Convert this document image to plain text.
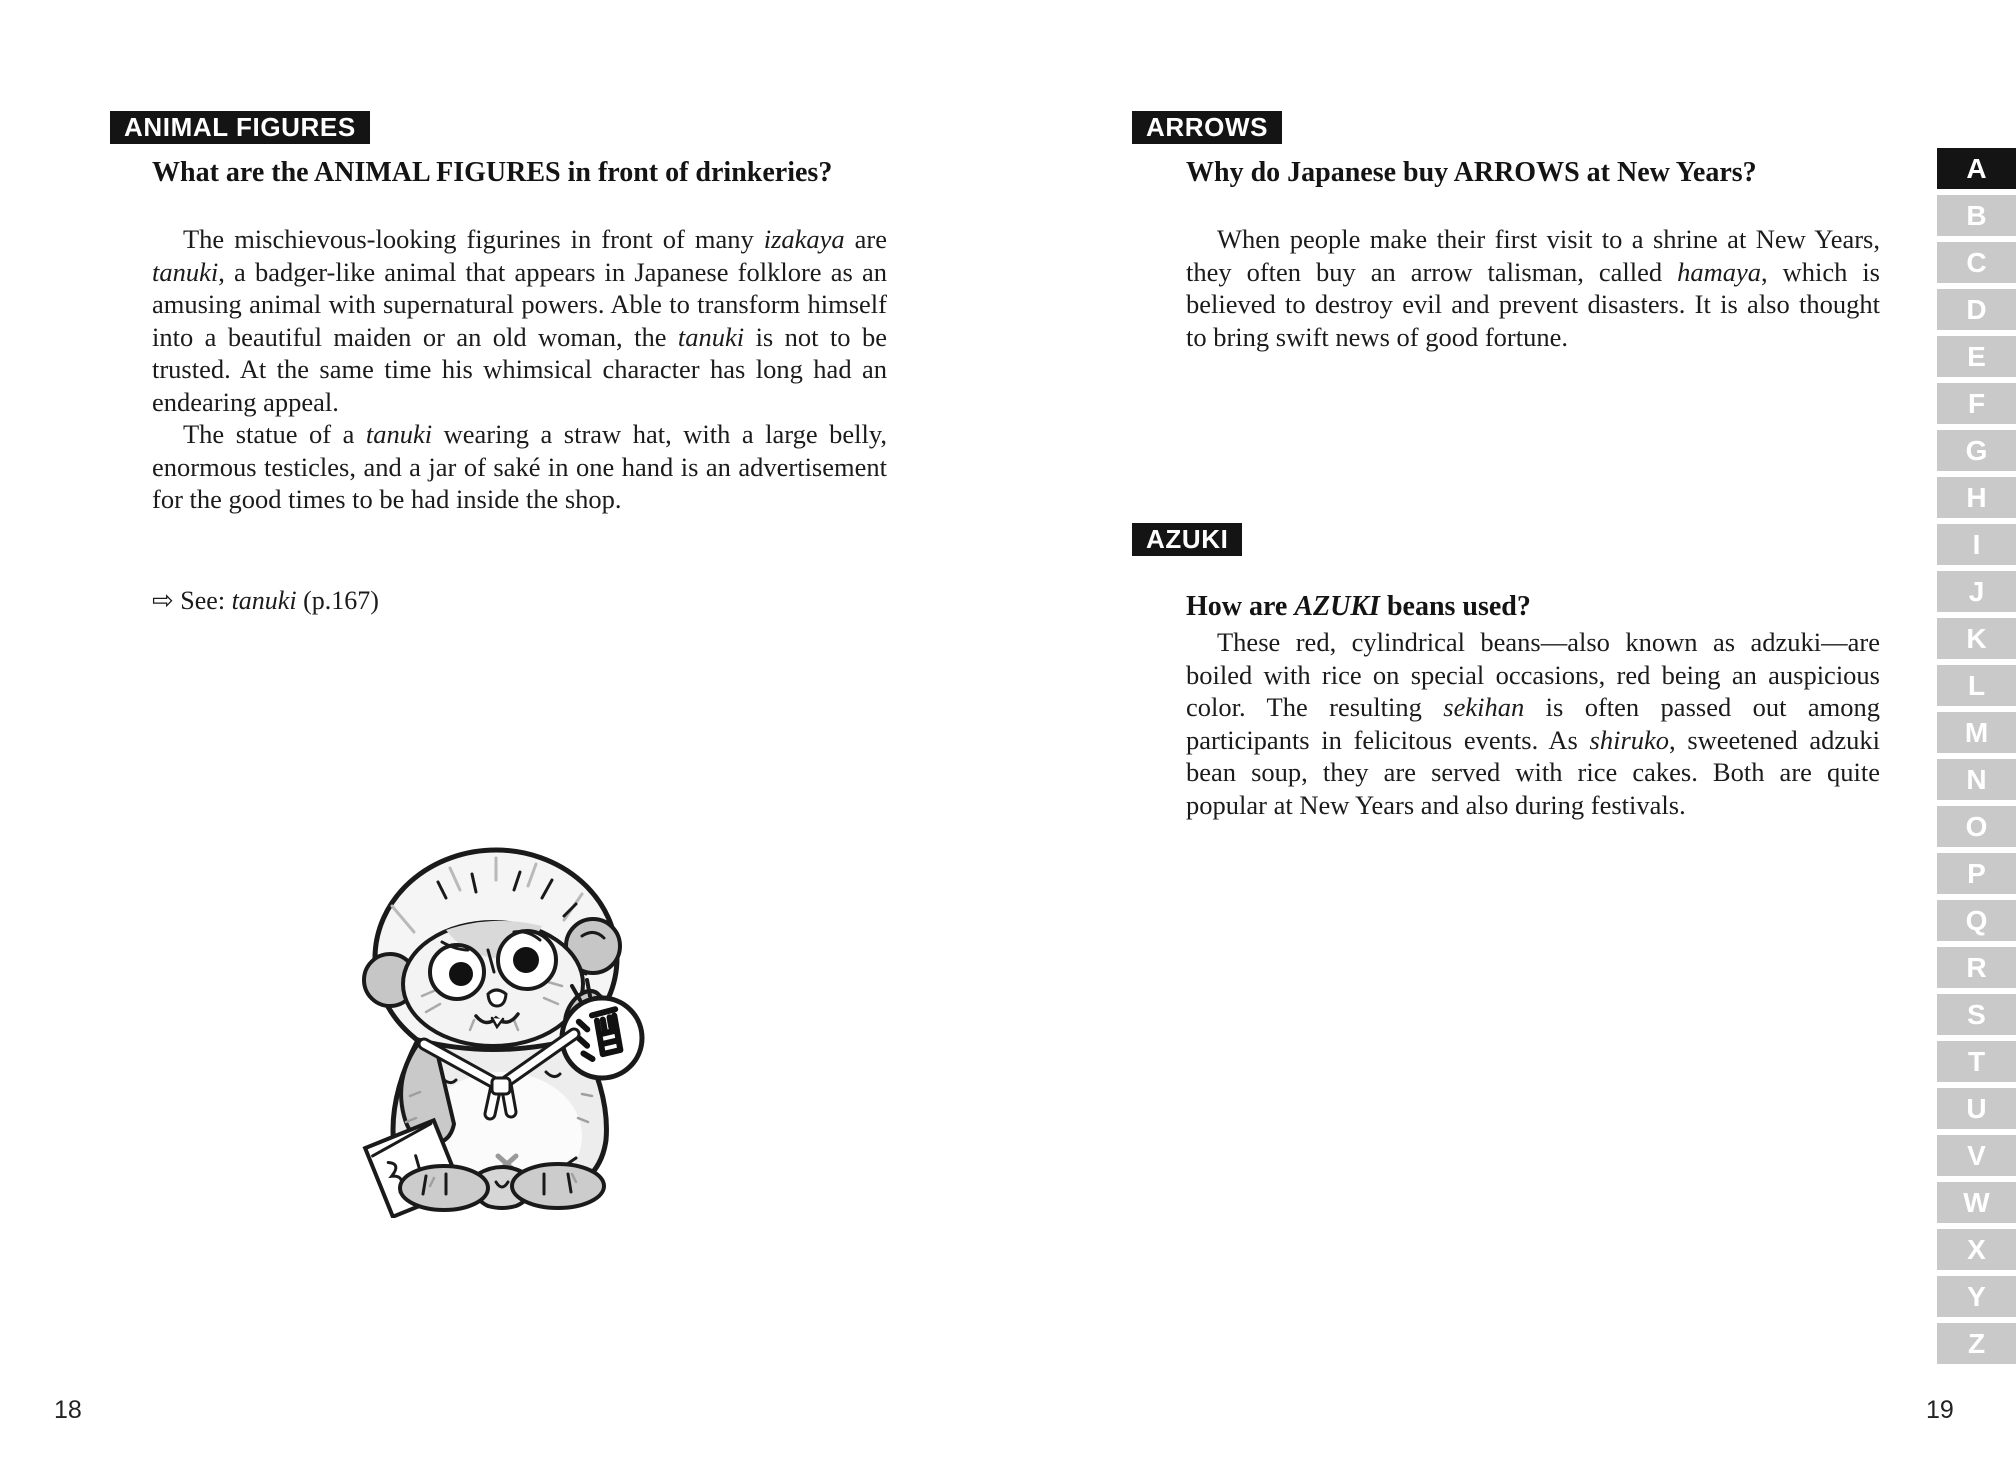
ANIMAL FIGURES
What are the ANIMAL FIGURES in front of drinkeries?

The mischievous-looking figurines in front of many izakaya are tanuki, a badger-like animal that appears in Japanese folklore as an amusing animal with supernatural powers. Able to transform himself into a beautiful maiden or an old woman, the tanuki is not to be trusted. At the same time his whimsical character has long had an endearing appeal.

The statue of a tanuki wearing a straw hat, with a large belly, enormous testicles, and a jar of saké in one hand is an advertisement for the good times to be had inside the shop.

⇨ See: tanuki (p.167)
18
ARROWS
Why do Japanese buy ARROWS at New Years?

When people make their first visit to a shrine at New Years, they often buy an arrow talisman, called hamaya, which is believed to destroy evil and prevent disasters. It is also thought to bring swift news of good fortune.

AZUKI
How are AZUKI beans used?

These red, cylindrical beans—also known as adzuki—are boiled with rice on special occasions, red being an auspicious color. The resulting sekihan is often passed out among participants in felicitous events. As shiruko, sweetened adzuki bean soup, they are served with rice cakes. Both are quite popular at New Years and also during festivals.

19
A
B
C
D
E
F
G
H
I
J
K
L
M
N
O
P
Q
R
S
T
U
V
W
X
Y
Z
